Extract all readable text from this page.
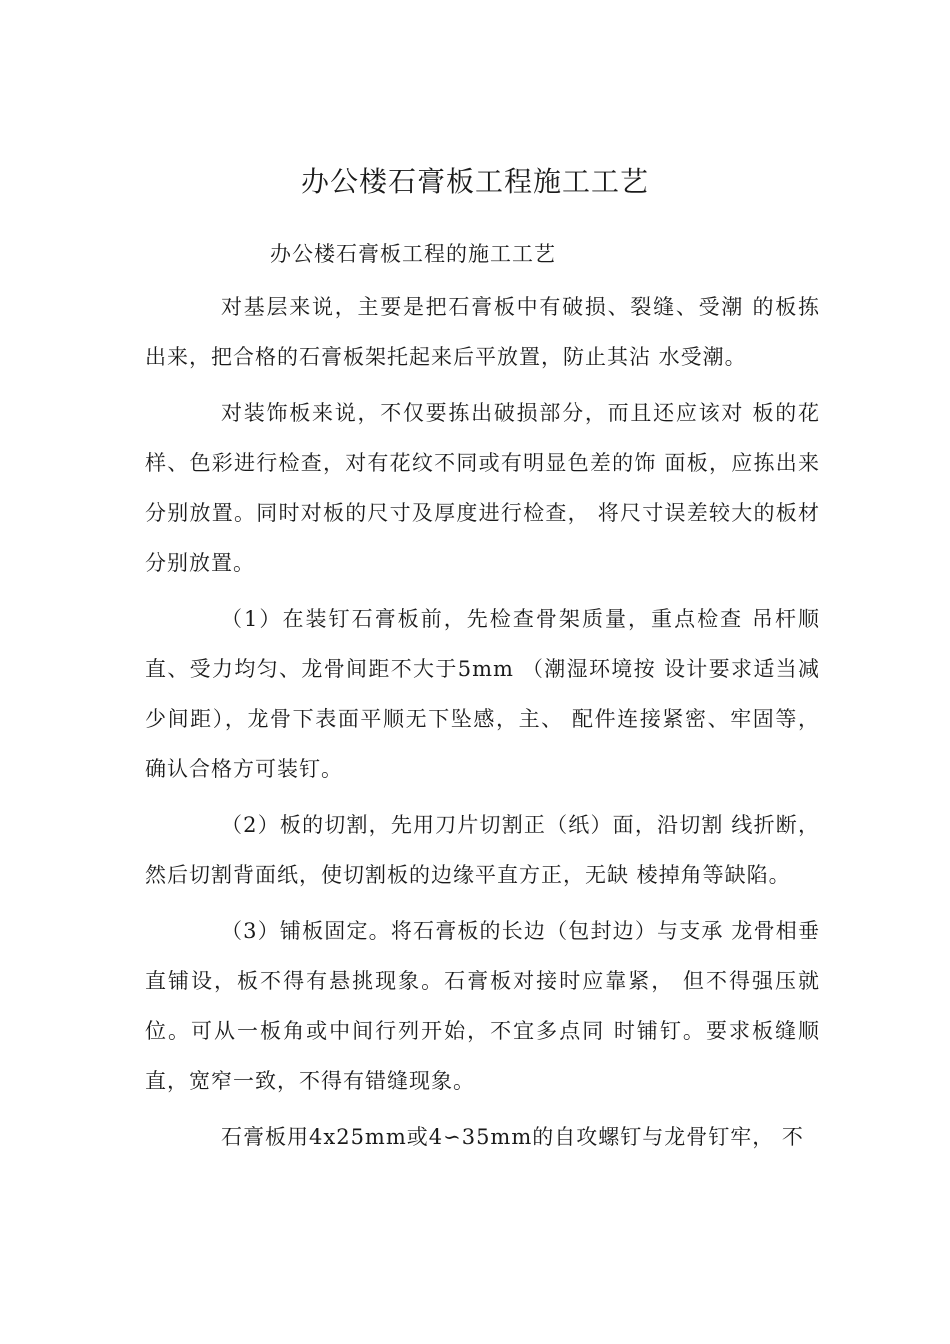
办公楼石膏板工程施工工艺
办公楼石膏板工程的施工工艺

对基层来说，主要是把石膏板中有破损、裂缝、受潮 的板拣出来，把合格的石膏板架托起来后平放置，防止其沾 水受潮。

对装饰板来说，不仅要拣出破损部分，而且还应该对 板的花样、色彩进行检查，对有花纹不同或有明显色差的饰 面板，应拣出来分别放置。同时对板的尺寸及厚度进行检查， 将尺寸误差较大的板材分别放置。

（1）在装钉石膏板前，先检查骨架质量，重点检查 吊杆顺直、受力均匀、龙骨间距不大于5mm （潮湿环境按 设计要求适当减少间距），龙骨下表面平顺无下坠感，主、 配件连接紧密、牢固等，确认合格方可装钉。

（2）板的切割，先用刀片切割正（纸）面，沿切割 线折断，然后切割背面纸，使切割板的边缘平直方正，无缺 棱掉角等缺陷。

（3）铺板固定。将石膏板的长边（包封边）与支承 龙骨相垂直铺设，板不得有悬挑现象。石膏板对接时应靠紧， 但不得强压就位。可从一板角或中间行列开始，不宜多点同 时铺钉。要求板缝顺直，宽窄一致，不得有错缝现象。

石膏板用4x25mm或4∽35mm的自攻螺钉与龙骨钉牢， 不
